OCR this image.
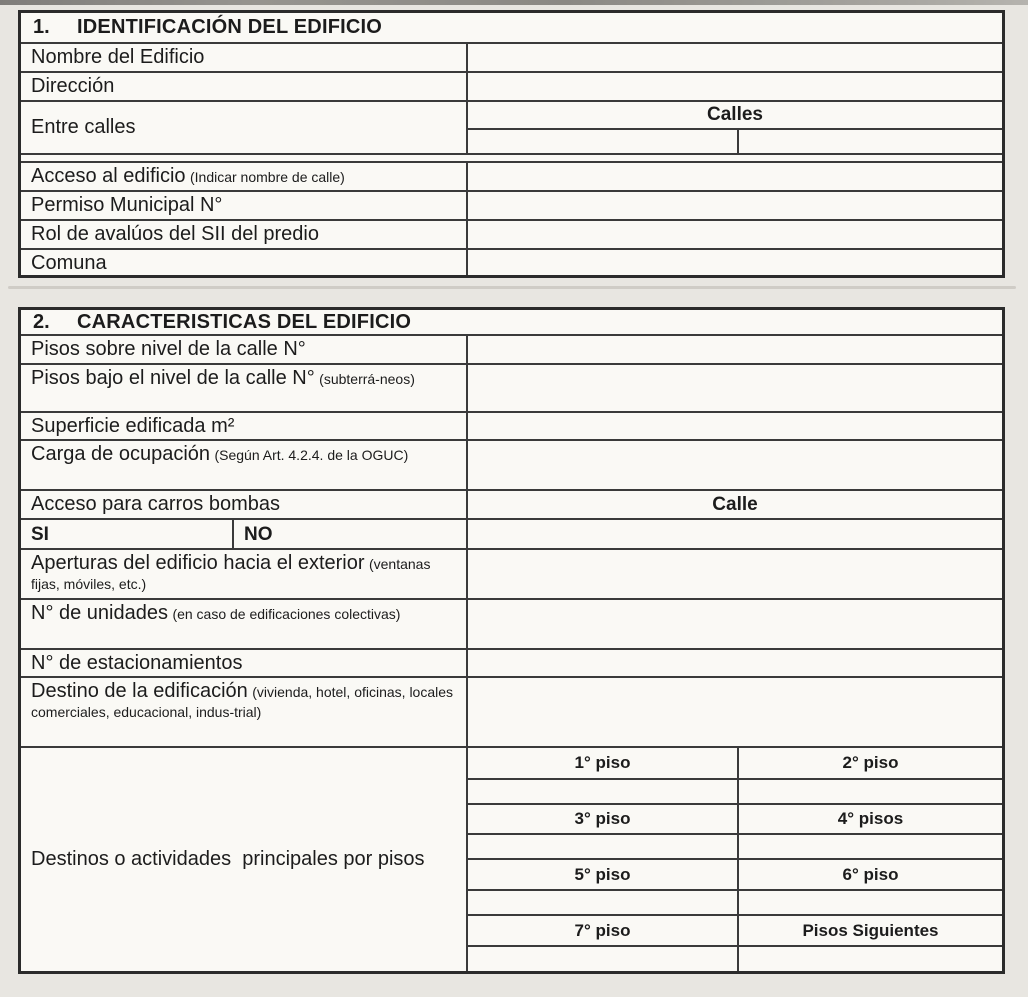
1.	IDENTIFICACIÓN DEL EDIFICIO
Nombre del Edificio
Dirección
Entre calles
Calles
Acceso al edificio (Indicar nombre de calle)
Permiso Municipal N°
Rol de avalúos del SII del predio
Comuna
2.	CARACTERISTICAS DEL EDIFICIO
Pisos sobre nivel de la calle N°
Pisos bajo el nivel de la calle N° (subterrá-neos)
Superficie edificada m²
Carga de ocupación (Según Art. 4.2.4. de la OGUC)
Acceso para carros bombas	Calle
SI	NO
Aperturas del edificio hacia el exterior (ventanas fijas, móviles, etc.)
N° de unidades (en caso de edificaciones colectivas)
N° de estacionamientos
Destino de la edificación (vivienda, hotel, oficinas, locales comerciales, educacional, indus-trial)
Destinos o actividades  principales por pisos
1° piso	2° piso
3° piso	4° pisos
5° piso	6° piso
7° piso	Pisos Siguientes
